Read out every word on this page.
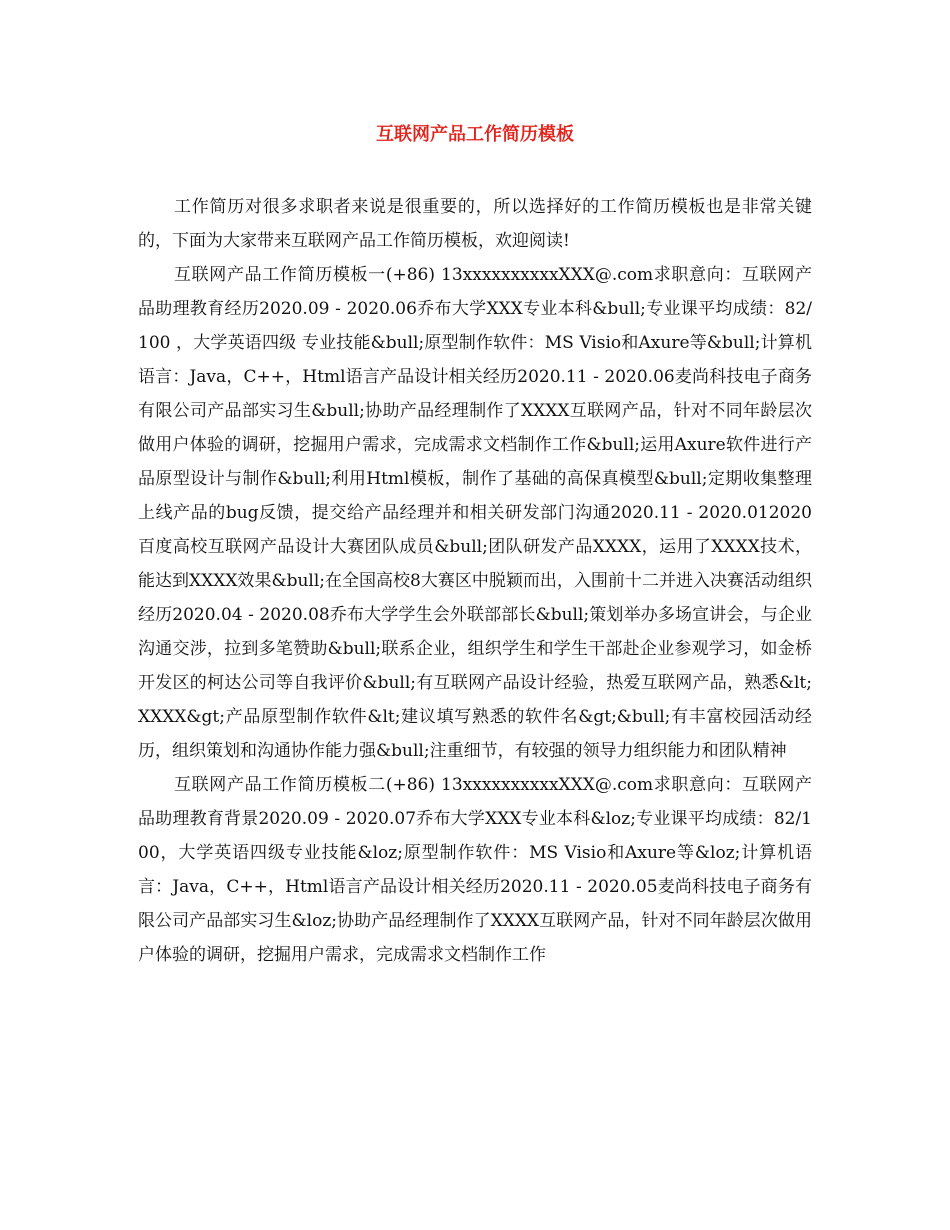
互联网产品工作简历模板

工作简历对很多求职者来说是很重要的，所以选择好的工作简历模板也是非常关键的，下面为大家带来互联网产品工作简历模板，欢迎阅读!

互联网产品工作简历模板一(+86) 13xxxxxxxxxxXXX@.com求职意向：互联网产品助理教育经历2020.09 - 2020.06乔布大学XXX专业本科&bull;专业课平均成绩：82/100 ，大学英语四级 专业技能&bull;原型制作软件：MS Visio和Axure等&bull;计算机语言：Java，C++，Html语言产品设计相关经历2020.11 - 2020.06麦尚科技电子商务有限公司产品部实习生&bull;协助产品经理制作了XXXX互联网产品，针对不同年龄层次做用户体验的调研，挖掘用户需求，完成需求文档制作工作&bull;运用Axure软件进行产品原型设计与制作&bull;利用Html模板，制作了基础的高保真模型&bull;定期收集整理上线产品的bug反馈，提交给产品经理并和相关研发部门沟通2020.11 - 2020.012020百度高校互联网产品设计大赛团队成员&bull;团队研发产品XXXX，运用了XXXX技术，能达到XXXX效果&bull;在全国高校8大赛区中脱颖而出，入围前十二并进入决赛活动组织经历2020.04 - 2020.08乔布大学学生会外联部部长&bull;策划举办多场宣讲会，与企业沟通交涉，拉到多笔赞助&bull;联系企业，组织学生和学生干部赴企业参观学习，如金桥开发区的柯达公司等自我评价&bull;有互联网产品设计经验，热爱互联网产品，熟悉&lt;XXXX&gt;产品原型制作软件&lt;建议填写熟悉的软件名&gt;&bull;有丰富校园活动经历，组织策划和沟通协作能力强&bull;注重细节，有较强的领导力组织能力和团队精神

互联网产品工作简历模板二(+86) 13xxxxxxxxxxXXX@.com求职意向：互联网产品助理教育背景2020.09 - 2020.07乔布大学XXX专业本科&loz;专业课平均成绩：82/100，大学英语四级专业技能&loz;原型制作软件：MS Visio和Axure等&loz;计算机语言：Java，C++，Html语言产品设计相关经历2020.11 - 2020.05麦尚科技电子商务有限公司产品部实习生&loz;协助产品经理制作了XXXX互联网产品，针对不同年龄层次做用户体验的调研，挖掘用户需求，完成需求文档制作工作
